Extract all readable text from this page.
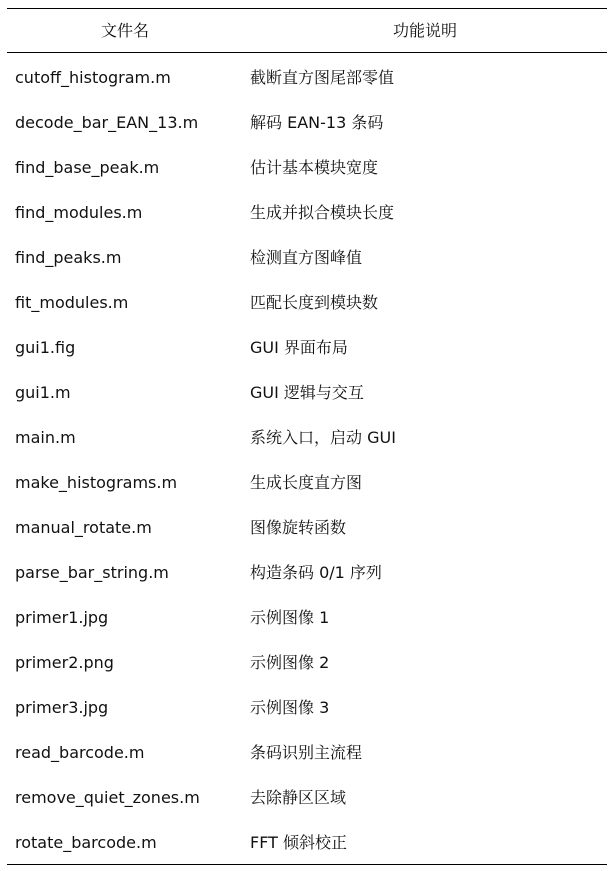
文件名	功能说明
cutoff_histogram.m	截断直方图尾部零值
decode_bar_EAN_13.m	解码 EAN-13 条码
find_base_peak.m	估计基本模块宽度
find_modules.m	生成并拟合模块长度
find_peaks.m	检测直方图峰值
fit_modules.m	匹配长度到模块数
gui1.fig	GUI 界面布局
gui1.m	GUI 逻辑与交互
main.m	系统入口，启动 GUI
make_histograms.m	生成长度直方图
manual_rotate.m	图像旋转函数
parse_bar_string.m	构造条码 0/1 序列
primer1.jpg	示例图像 1
primer2.png	示例图像 2
primer3.jpg	示例图像 3
read_barcode.m	条码识别主流程
remove_quiet_zones.m	去除静区区域
rotate_barcode.m	FFT 倾斜校正
